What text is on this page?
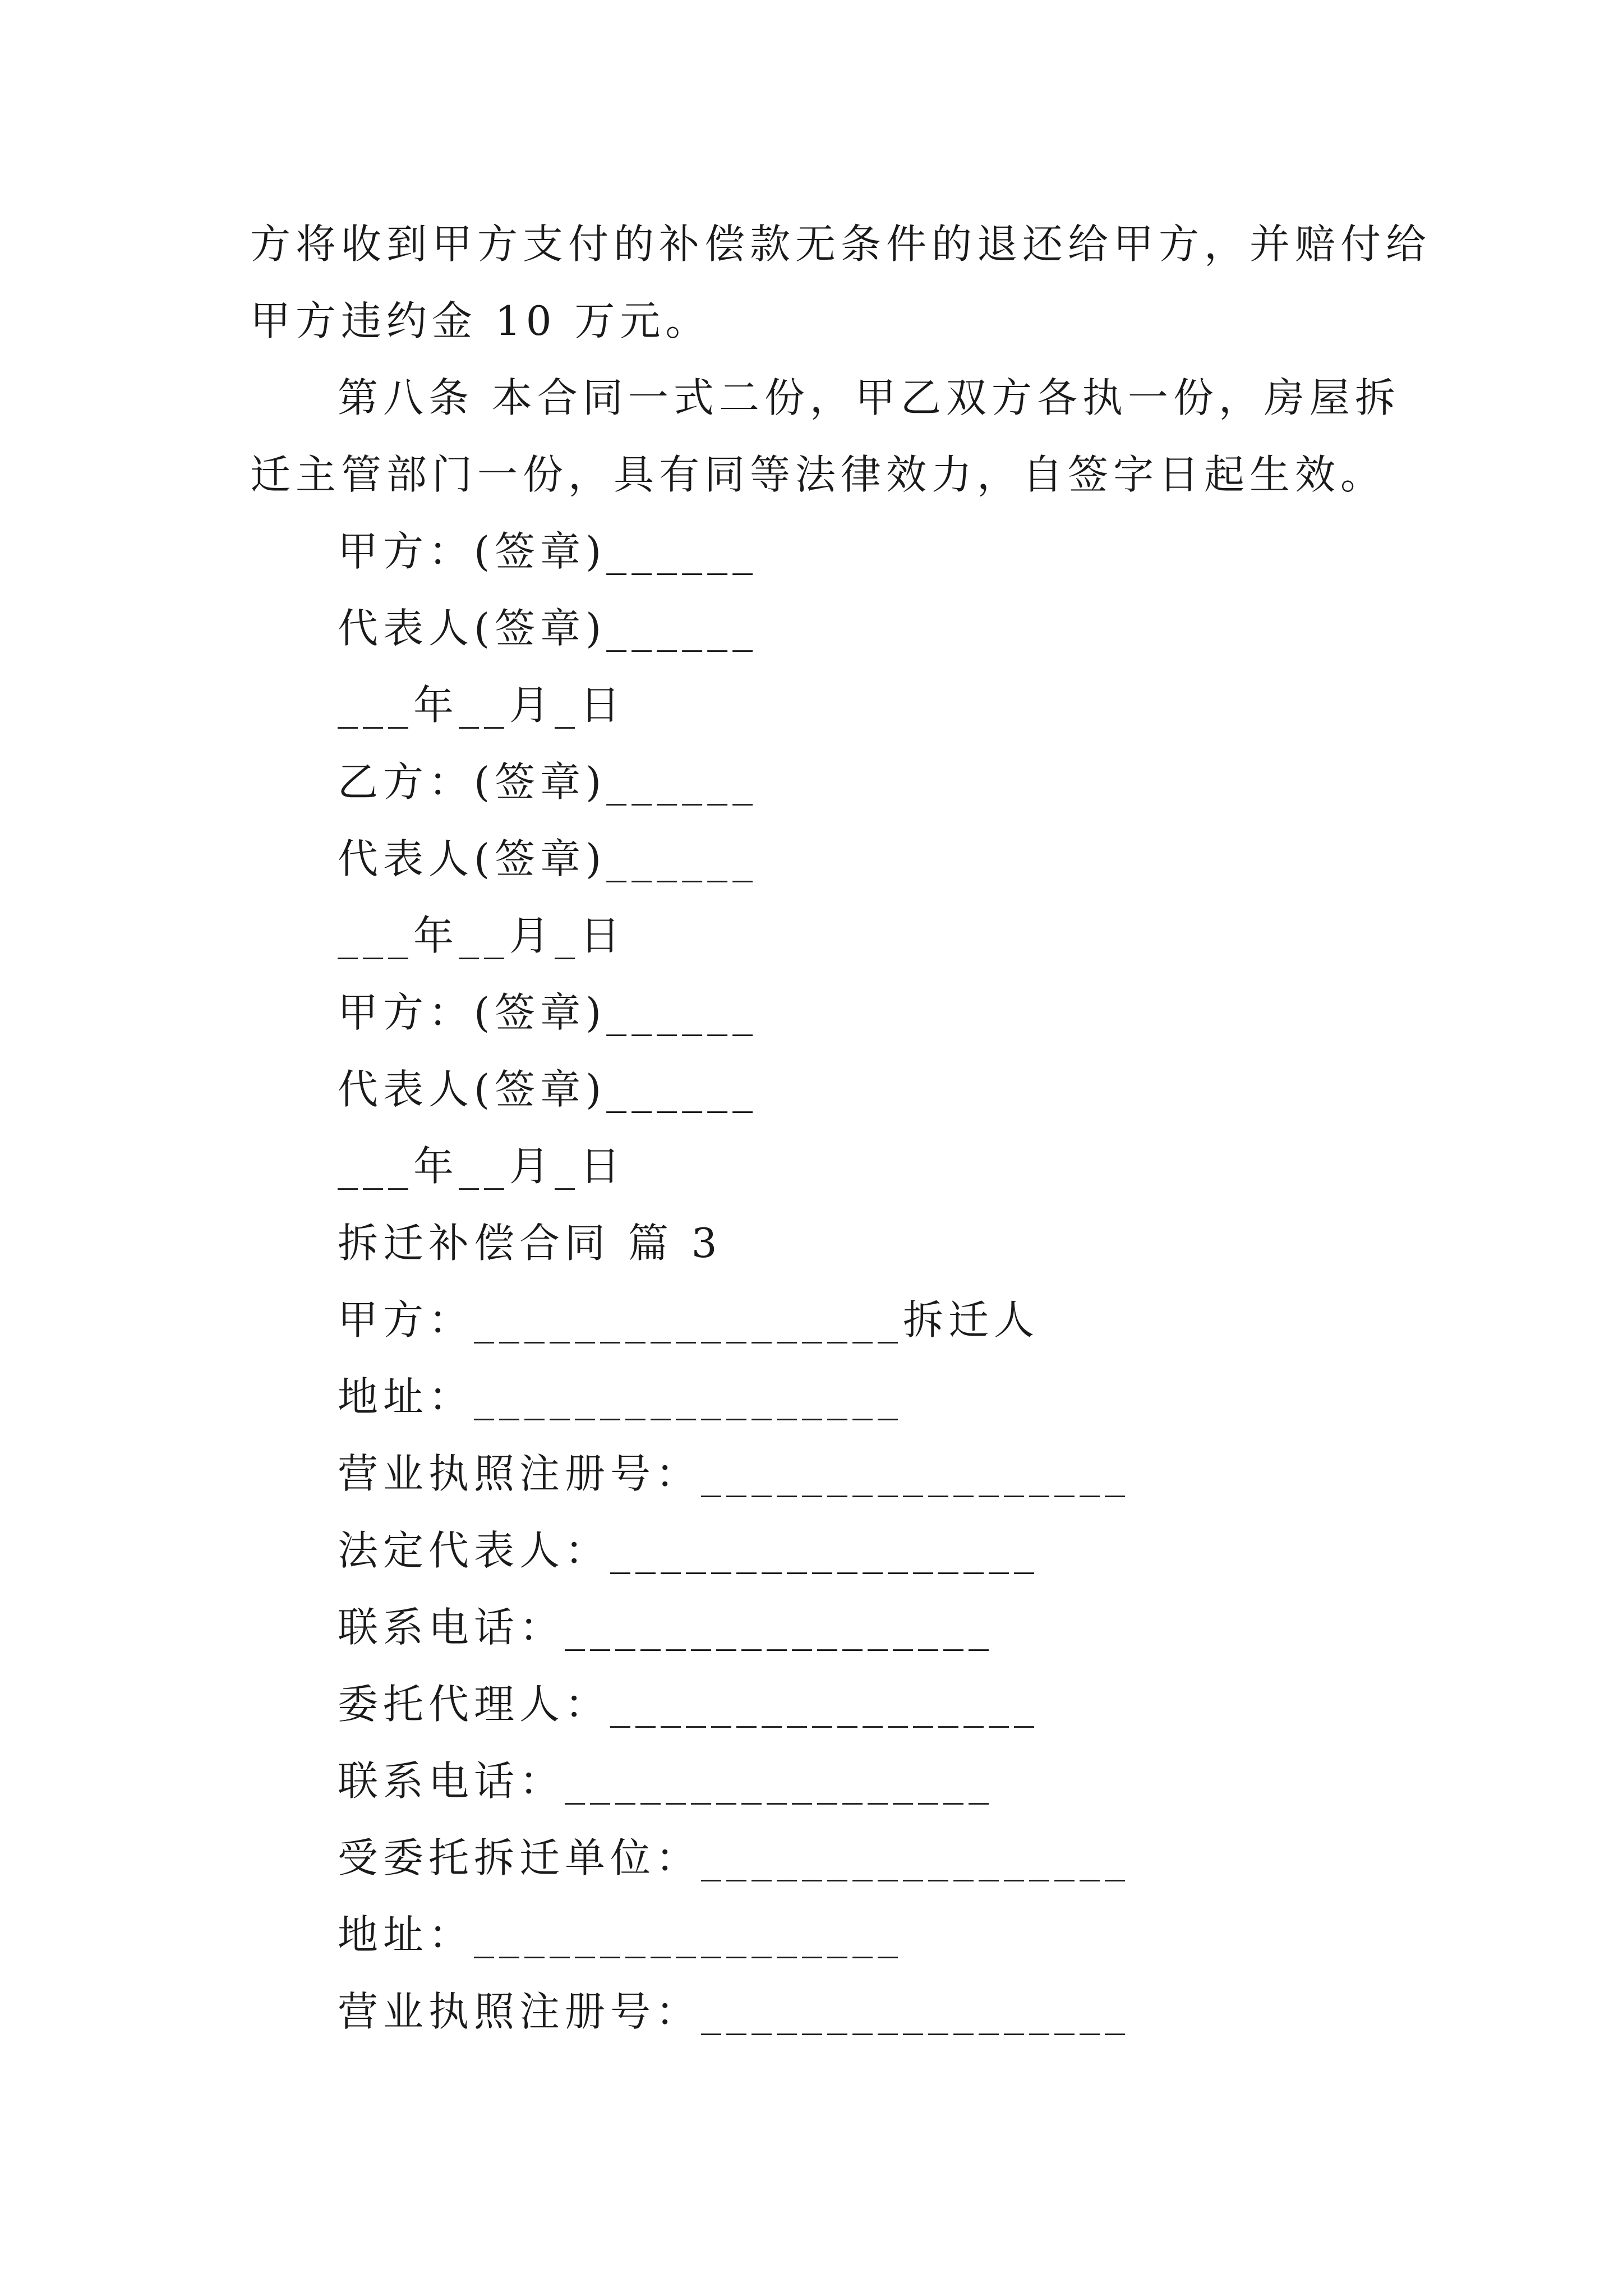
方将收到甲方支付的补偿款无条件的退还给甲方，并赔付给
甲方违约金 10 万元。
第八条 本合同一式二份，甲乙双方各执一份，房屋拆
迁主管部门一份，具有同等法律效力，自签字日起生效。
甲方：(签章)______
代表人(签章)______
___年__月_日
乙方：(签章)______
代表人(签章)______
___年__月_日
甲方：(签章)______
代表人(签章)______
___年__月_日
拆迁补偿合同 篇 3
甲方：_________________拆迁人
地址：_________________
营业执照注册号：_________________
法定代表人：_________________
联系电话：_________________
委托代理人：_________________
联系电话：_________________
受委托拆迁单位：_________________
地址：_________________
营业执照注册号：_________________
